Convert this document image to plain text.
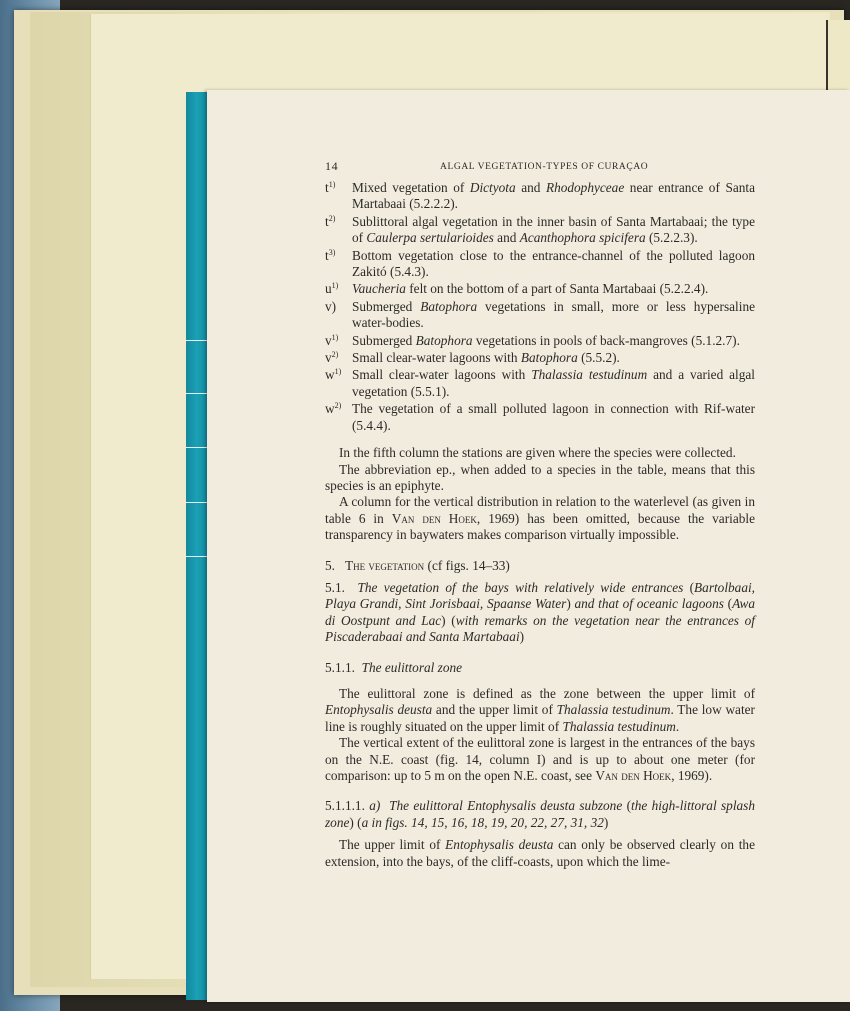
14	ALGAL VEGETATION-TYPES OF CURAÇAO
$t^{1)}$	Mixed vegetation of Dictyota and Rhodophyceae near entrance of Santa Martabaai (5.2.2.2).
$t^{2)}$	Sublittoral algal vegetation in the inner basin of Santa Martabaai; the type of Caulerpa sertularioides and Acanthophora spicifera (5.2.2.3).
$t^{3)}$	Bottom vegetation close to the entrance-channel of the polluted lagoon Zakitó (5.4.3).
$u^{1)}$	Vaucheria felt on the bottom of a part of Santa Martabaai (5.2.2.4).
v)	Submerged Batophora vegetations in small, more or less hypersaline water-bodies.
$v^{1)}$	Submerged Batophora vegetations in pools of back-mangroves (5.1.2.7).
$v^{2)}$	Small clear-water lagoons with Batophora (5.5.2).
$w^{1)}$ Small clear-water lagoons with Thalassia testudinum and a varied algal vegetation (5.5.1).
$w^{2)}$ The vegetation of a small polluted lagoon in connection with Rif-water (5.4.4).

In the fifth column the stations are given where the species were collected.

The abbreviation ep., when added to a species in the table, means that this species is an epiphyte.

A column for the vertical distribution in relation to the waterlevel (as given in table 6 in Van den Hoek, 1969) has been omitted, because the variable transparency in baywaters makes comparison virtually impossible.

5. The vegetation (cf figs. 14–33)

5.1. The vegetation of the bays with relatively wide entrances (Bartolbaai, Playa Grandi, Sint Jorisbaai, Spaanse Water) and that of oceanic lagoons (Awa di Oostpunt and Lac) (with remarks on the vegetation near the entrances of Piscaderabaai and Santa Martabaai)

5.1.1. The eulittoral zone

The eulittoral zone is defined as the zone between the upper limit of Entophysalis deusta and the upper limit of Thalassia testudinum. The low water line is roughly situated on the upper limit of Thalassia testudinum.

The vertical extent of the eulittoral zone is largest in the entrances of the bays on the N.E. coast (fig. 14, column I) and is up to about one meter (for comparison: up to 5 m on the open N.E. coast, see Van den Hoek, 1969).

5.1.1.1. a) The eulittoral Entophysalis deusta subzone (the high-littoral splash zone) (a in figs. 14, 15, 16, 18, 19, 20, 22, 27, 31, 32)

The upper limit of Entophysalis deusta can only be observed clearly on the extension, into the bays, of the cliff-coasts, upon which the lime-
